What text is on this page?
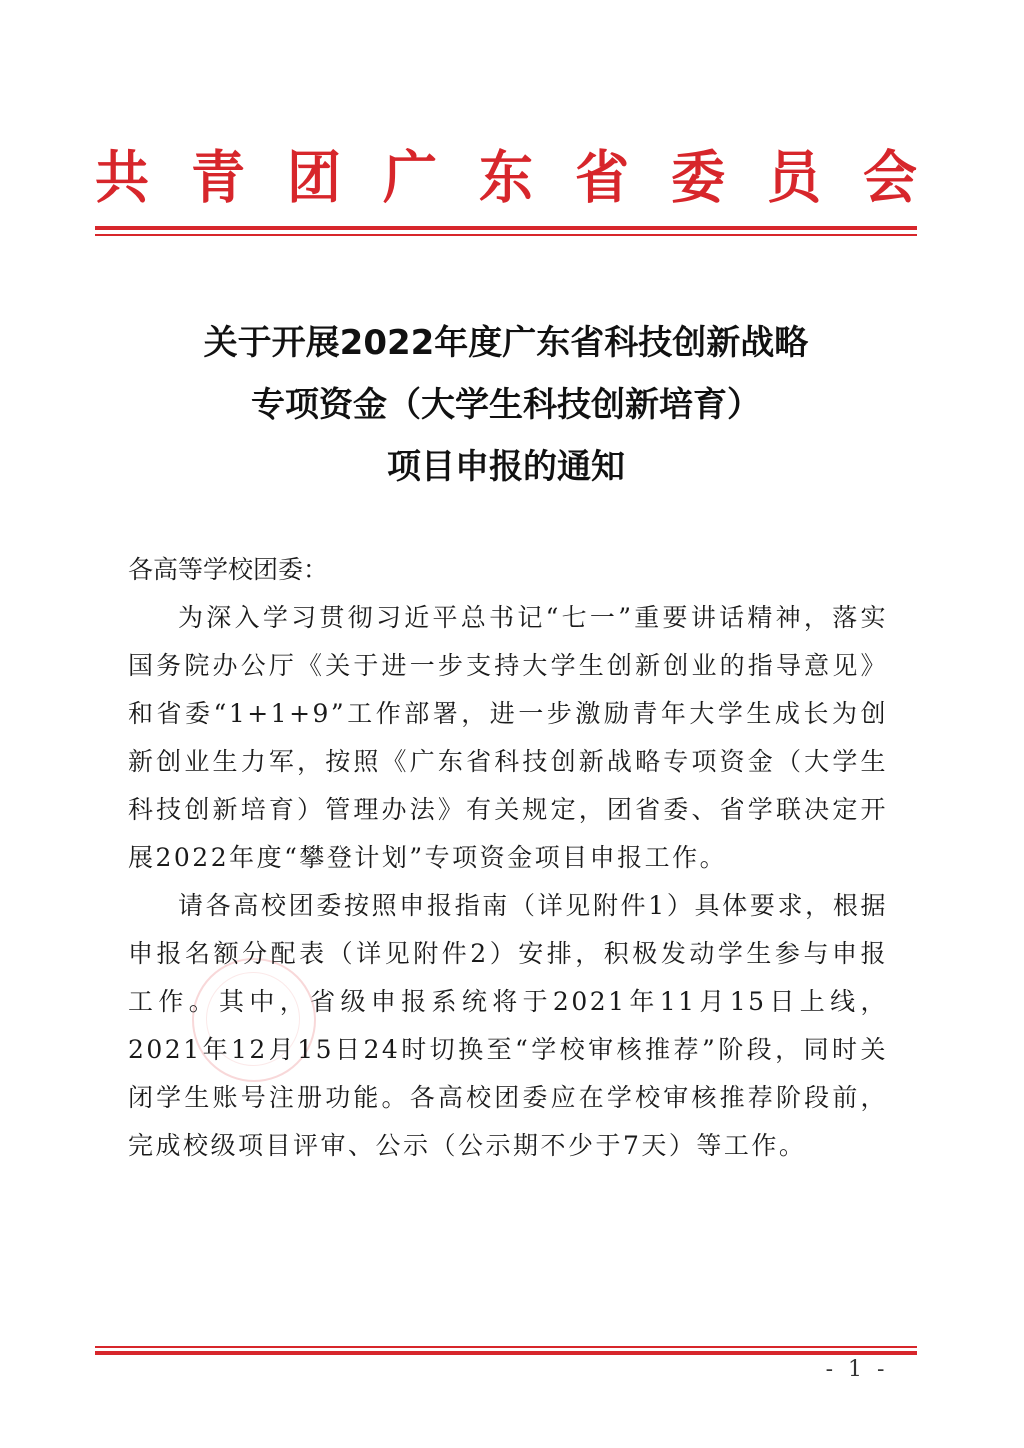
共 青 团 广 东 省 委 员 会
关于开展2022年度广东省科技创新战略
专项资金（大学生科技创新培育）
项目申报的通知

各高等学校团委：

为深入学习贯彻习近平总书记“七一”重要讲话精神，落实国务院办公厅《关于进一步支持大学生创新创业的指导意见》和省委“1+1+9”工作部署，进一步激励青年大学生成长为创新创业生力军，按照《广东省科技创新战略专项资金（大学生科技创新培育）管理办法》有关规定，团省委、省学联决定开展2022年度“攀登计划”专项资金项目申报工作。

请各高校团委按照申报指南（详见附件1）具体要求，根据申报名额分配表（详见附件2）安排，积极发动学生参与申报工作。其中，省级申报系统将于2021年11月15日上线，2021年12月15日24时切换至“学校审核推荐”阶段，同时关闭学生账号注册功能。各高校团委应在学校审核推荐阶段前，完成校级项目评审、公示（公示期不少于7天）等工作。

- 1 -
